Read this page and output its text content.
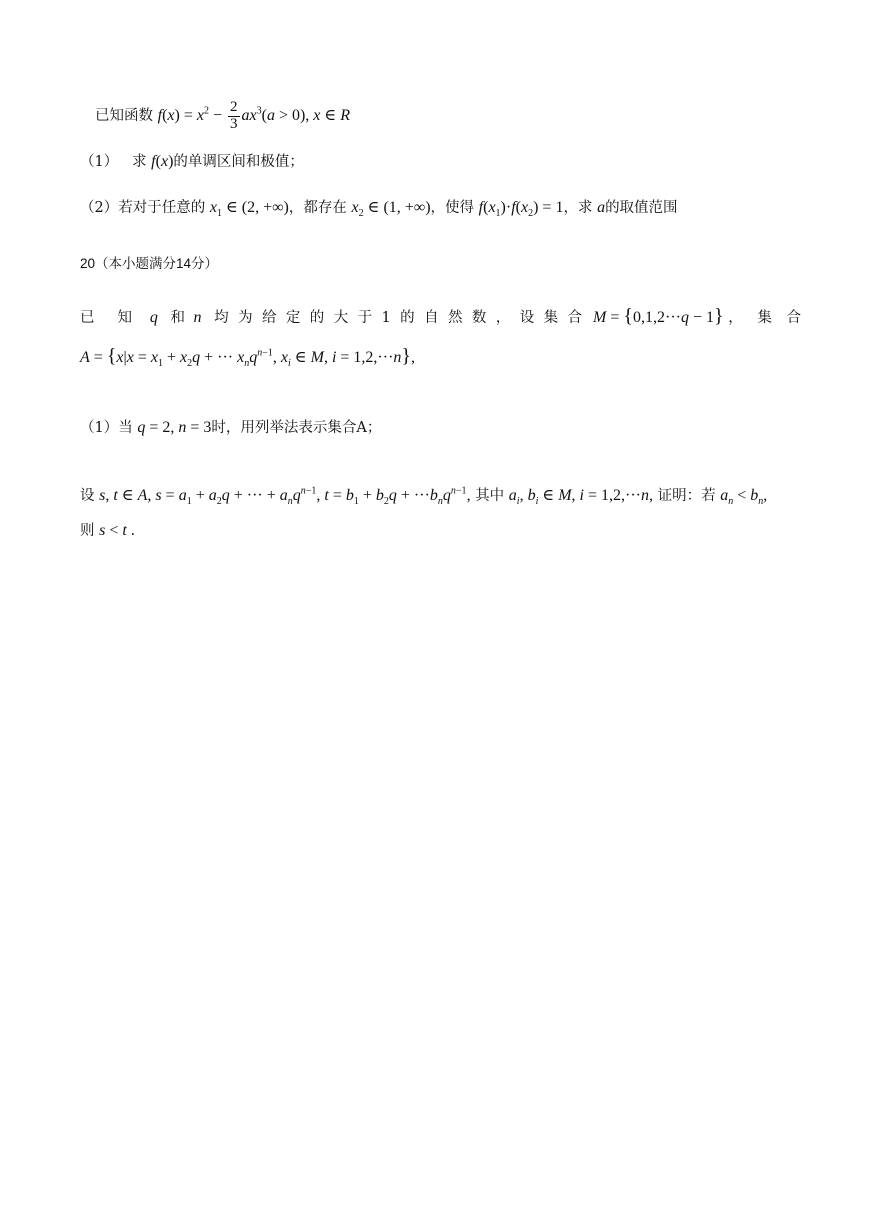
已知函数 $f(x) = x^2 - \frac{2}{3} ax^3(a > 0)$, x ∈ R
（1） 求 f(x)的单调区间和极值；
（2）若对于任意的 $x_1$ ∈ (2, +∞)，都存在 $x_2$ ∈ (1, +∞)，使得 $f(x_1)\cdot f(x_2) = 1$，求 a的取值范围
20（本小题满分14分）
已 知  q   和  n   均 为 给 定 的 大 于 1 的 自 然 数 ， 设 集 合 M = {0,1,2···q − 1} ， 集 合
$A = \{x|x = x_1 + x_2q$ + ··· $x_nq^{n-1}$, $x_i$ ∈ M, i = 1,2,···n},
（1）当 q = 2, n = 3时，用列举法表示集合A；
设 s, t ∈ A, $s = a_1 + a_2q$ + ··· + $a_nq^{n-1}$, $t = b_1 + b_2q + \cdot\cdot\cdot b_nq^{n-1}$, 其中 $a_i$, $b_i$ ∈ M, i = 1,2,···n, 证明：若 $a_n < b_n$,
则 s < t .
